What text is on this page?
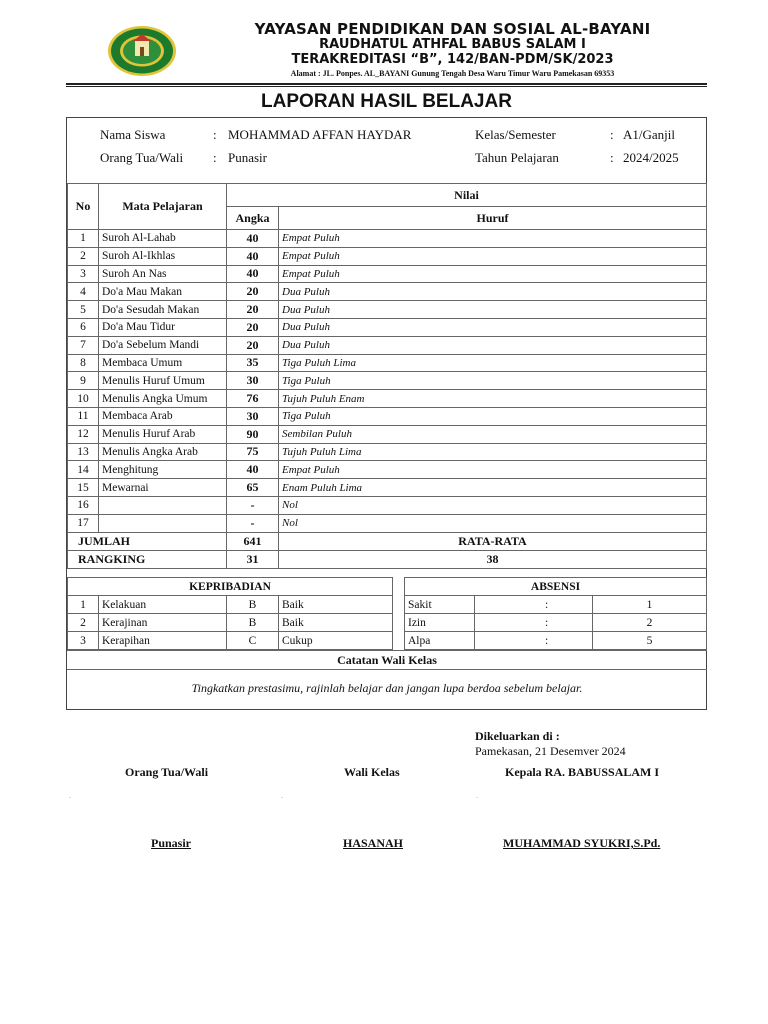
YAYASAN PENDIDIKAN DAN SOSIAL AL-BAYANI
RAUDHATUL ATHFAL BABUS SALAM I
TERAKREDITASI “B”, 142/BAN-PDM/SK/2023
Alamat : JL. Ponpes. AL_BAYANI Gunung Tengah Desa Waru Timur Waru Pamekasan 69353
LAPORAN HASIL BELAJAR
Nama Siswa	: MOHAMMAD AFFAN HAYDAR
Orang Tua/Wali : Punasir
Kelas/Semester	: A1/Ganjil
Tahun Pelajaran	: 2024/2025
No	Mata Pelajaran	Nilai	
		Angka	Huruf
1	Suroh Al-Lahab	40	Empat Puluh
2	Suroh Al-Ikhlas	40	Empat Puluh
3	Suroh An Nas	40	Empat Puluh
4	Do'a Mau Makan	20	Dua Puluh
5	Do'a Sesudah Makan	20	Dua Puluh
6	Do'a Mau Tidur	20	Dua Puluh
7	Do'a Sebelum Mandi	20	Dua Puluh
8	Membaca Umum	35	Tiga Puluh Lima
9	Menulis Huruf Umum	30	Tiga Puluh
10	Menulis Angka Umum	76	Tujuh Puluh Enam
11	Membaca Arab	30	Tiga Puluh
12	Menulis Huruf Arab	90	Sembilan Puluh
13	Menulis Angka Arab	75	Tujuh Puluh Lima
14	Menghitung	40	Empat Puluh
15	Mewarnai	65	Enam Puluh Lima
16		-	Nol
17		-	Nol
JUMLAH		641	RATA-RATA
RANGKING		31	38
KEPRIBADIAN			
1	Kelakuan	B	Baik
2	Kerajinan	B	Baik
3	Kerapihan	C	Cukup
ABSENSI		
Sakit	:	1
Izin	:	2
Alpa	:	5
Catatan Wali Kelas
Tingkatkan prestasimu, rajinlah belajar dan jangan lupa berdoa sebelum belajar.
Dikeluarkan di :
Pamekasan, 21 Desemver 2024
Orang Tua/Wali	Wali Kelas	Kepala RA. BABUSSALAM I
Punasir	HASANAH	MUHAMMAD SYUKRI,S.Pd.
